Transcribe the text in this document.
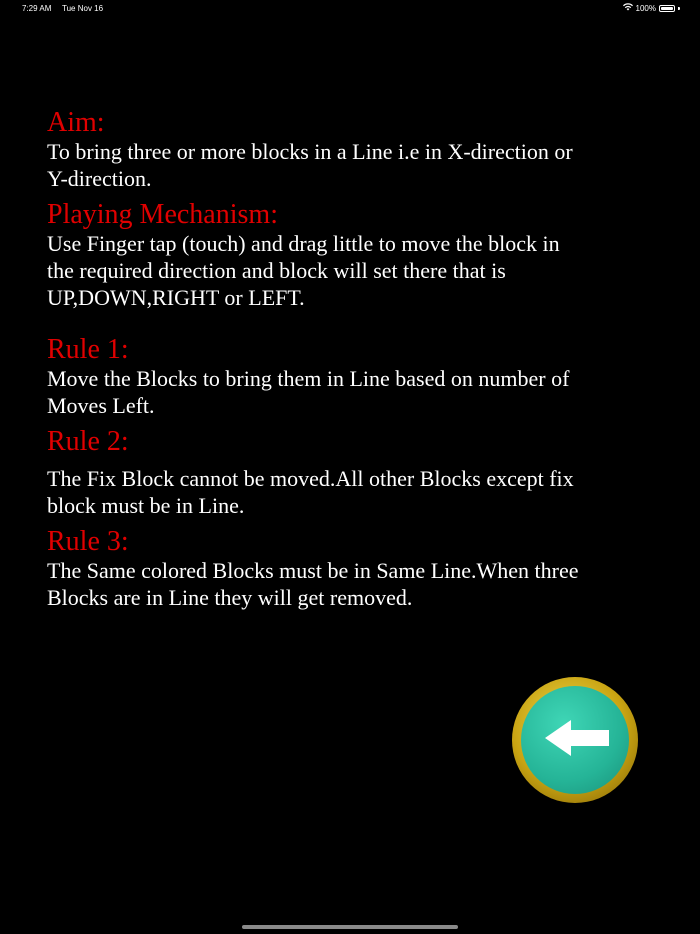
7:29 AM Tue Nov 16	100%
Aim:

To bring three or more blocks in a Line i.e in X-direction or

Y-direction.

Playing Mechanism:

Use Finger tap (touch) and drag little to move the block in

the required direction and block will set there that is

UP,DOWN,RIGHT or LEFT.

Rule 1:

Move the Blocks to bring them in Line based on number of

Moves Left.

Rule 2:

The Fix Block cannot be moved.All other Blocks except fix

block must be in Line.

Rule 3:

The Same colored Blocks must be in Same Line.When three

Blocks are in Line they will get removed.
